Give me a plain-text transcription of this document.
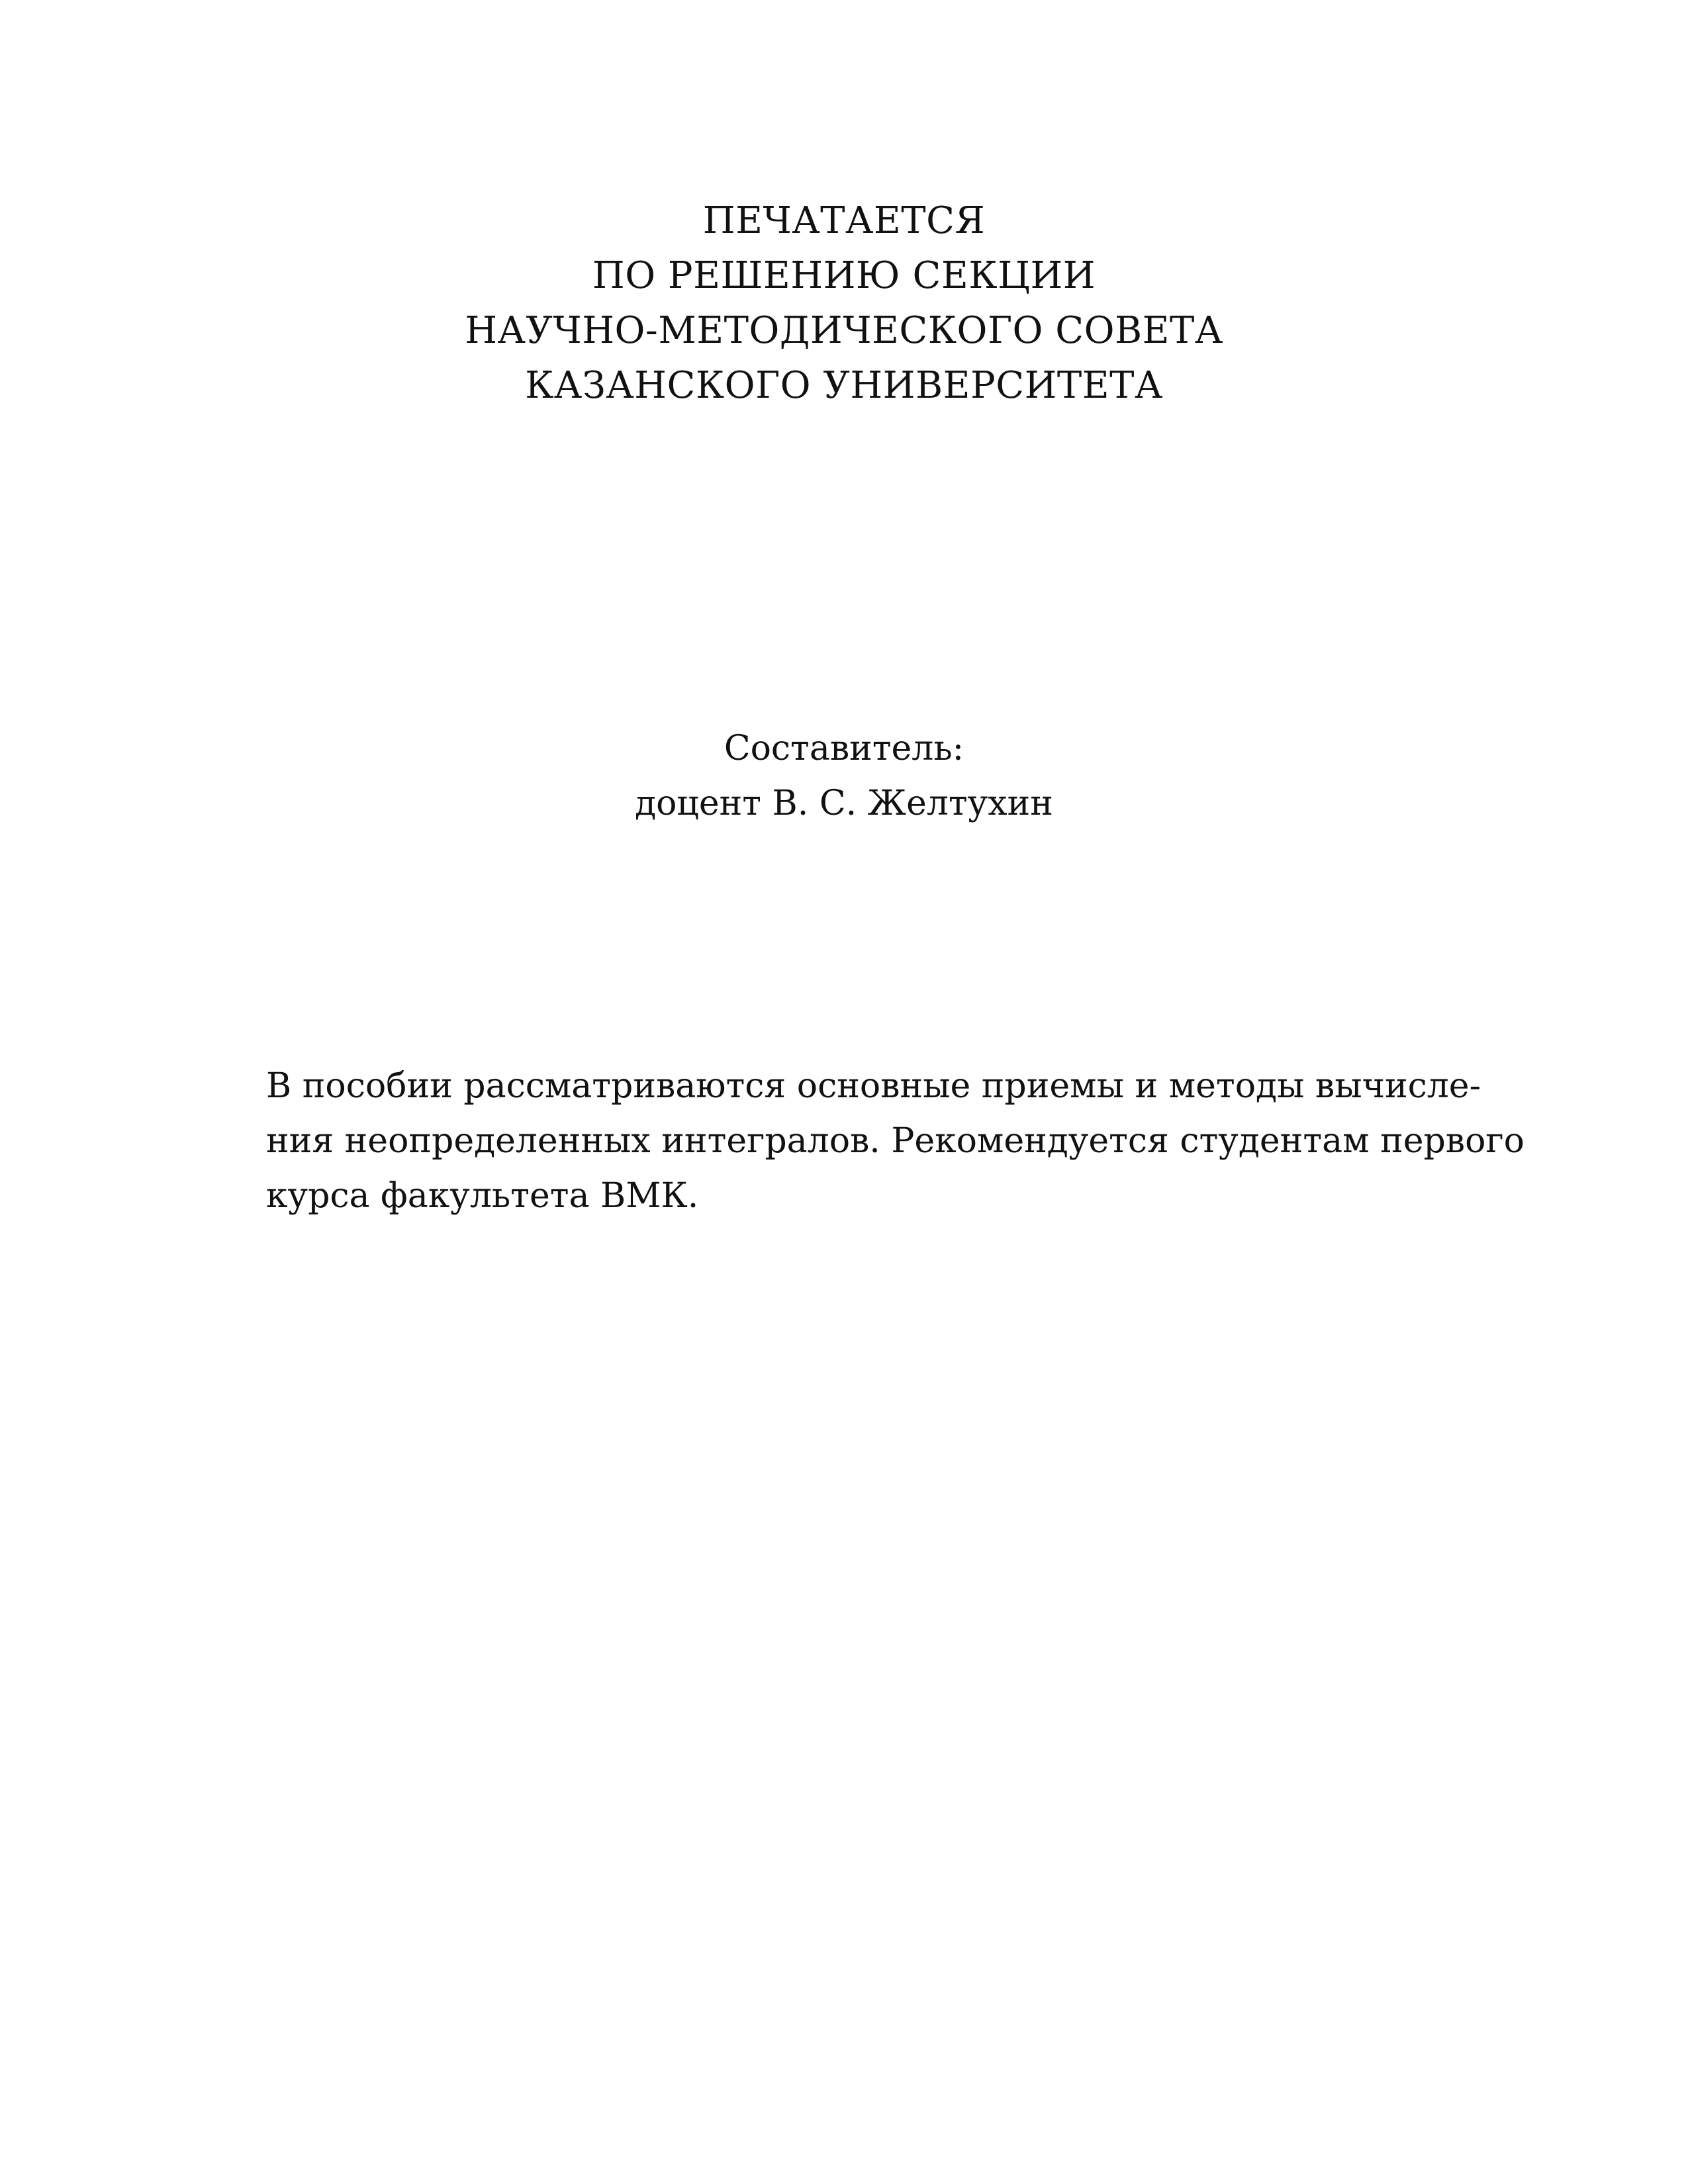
ПЕЧАТАЕТСЯ
ПО РЕШЕНИЮ СЕКЦИИ
НАУЧНО-МЕТОДИЧЕСКОГО СОВЕТА
КАЗАНСКОГО УНИВЕРСИТЕТА
Составитель:
доцент В. С. Желтухин
В пособии рассматриваются основные приемы и методы вычисле-
ния неопределенных интегралов. Рекомендуется студентам первого
курса факультета ВМК.
